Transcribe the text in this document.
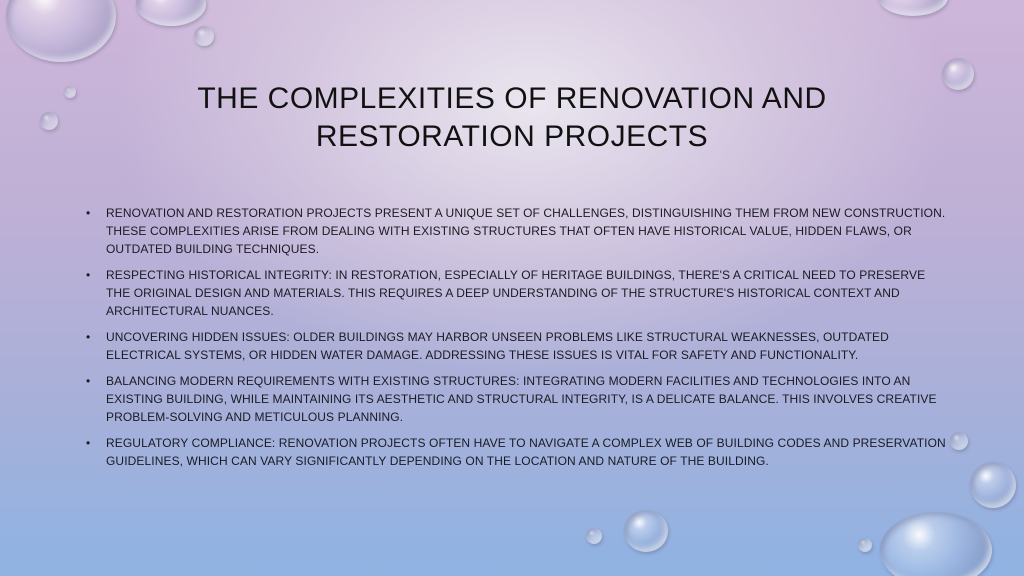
THE COMPLEXITIES OF RENOVATION AND RESTORATION PROJECTS
• RENOVATION AND RESTORATION PROJECTS PRESENT A UNIQUE SET OF CHALLENGES, DISTINGUISHING THEM FROM NEW CONSTRUCTION. THESE COMPLEXITIES ARISE FROM DEALING WITH EXISTING STRUCTURES THAT OFTEN HAVE HISTORICAL VALUE, HIDDEN FLAWS, OR OUTDATED BUILDING TECHNIQUES.
• RESPECTING HISTORICAL INTEGRITY: IN RESTORATION, ESPECIALLY OF HERITAGE BUILDINGS, THERE'S A CRITICAL NEED TO PRESERVE THE ORIGINAL DESIGN AND MATERIALS. THIS REQUIRES A DEEP UNDERSTANDING OF THE STRUCTURE'S HISTORICAL CONTEXT AND ARCHITECTURAL NUANCES.
• UNCOVERING HIDDEN ISSUES: OLDER BUILDINGS MAY HARBOR UNSEEN PROBLEMS LIKE STRUCTURAL WEAKNESSES, OUTDATED ELECTRICAL SYSTEMS, OR HIDDEN WATER DAMAGE. ADDRESSING THESE ISSUES IS VITAL FOR SAFETY AND FUNCTIONALITY.
• BALANCING MODERN REQUIREMENTS WITH EXISTING STRUCTURES: INTEGRATING MODERN FACILITIES AND TECHNOLOGIES INTO AN EXISTING BUILDING, WHILE MAINTAINING ITS AESTHETIC AND STRUCTURAL INTEGRITY, IS A DELICATE BALANCE. THIS INVOLVES CREATIVE PROBLEM-SOLVING AND METICULOUS PLANNING.
• REGULATORY COMPLIANCE: RENOVATION PROJECTS OFTEN HAVE TO NAVIGATE A COMPLEX WEB OF BUILDING CODES AND PRESERVATION GUIDELINES, WHICH CAN VARY SIGNIFICANTLY DEPENDING ON THE LOCATION AND NATURE OF THE BUILDING.
